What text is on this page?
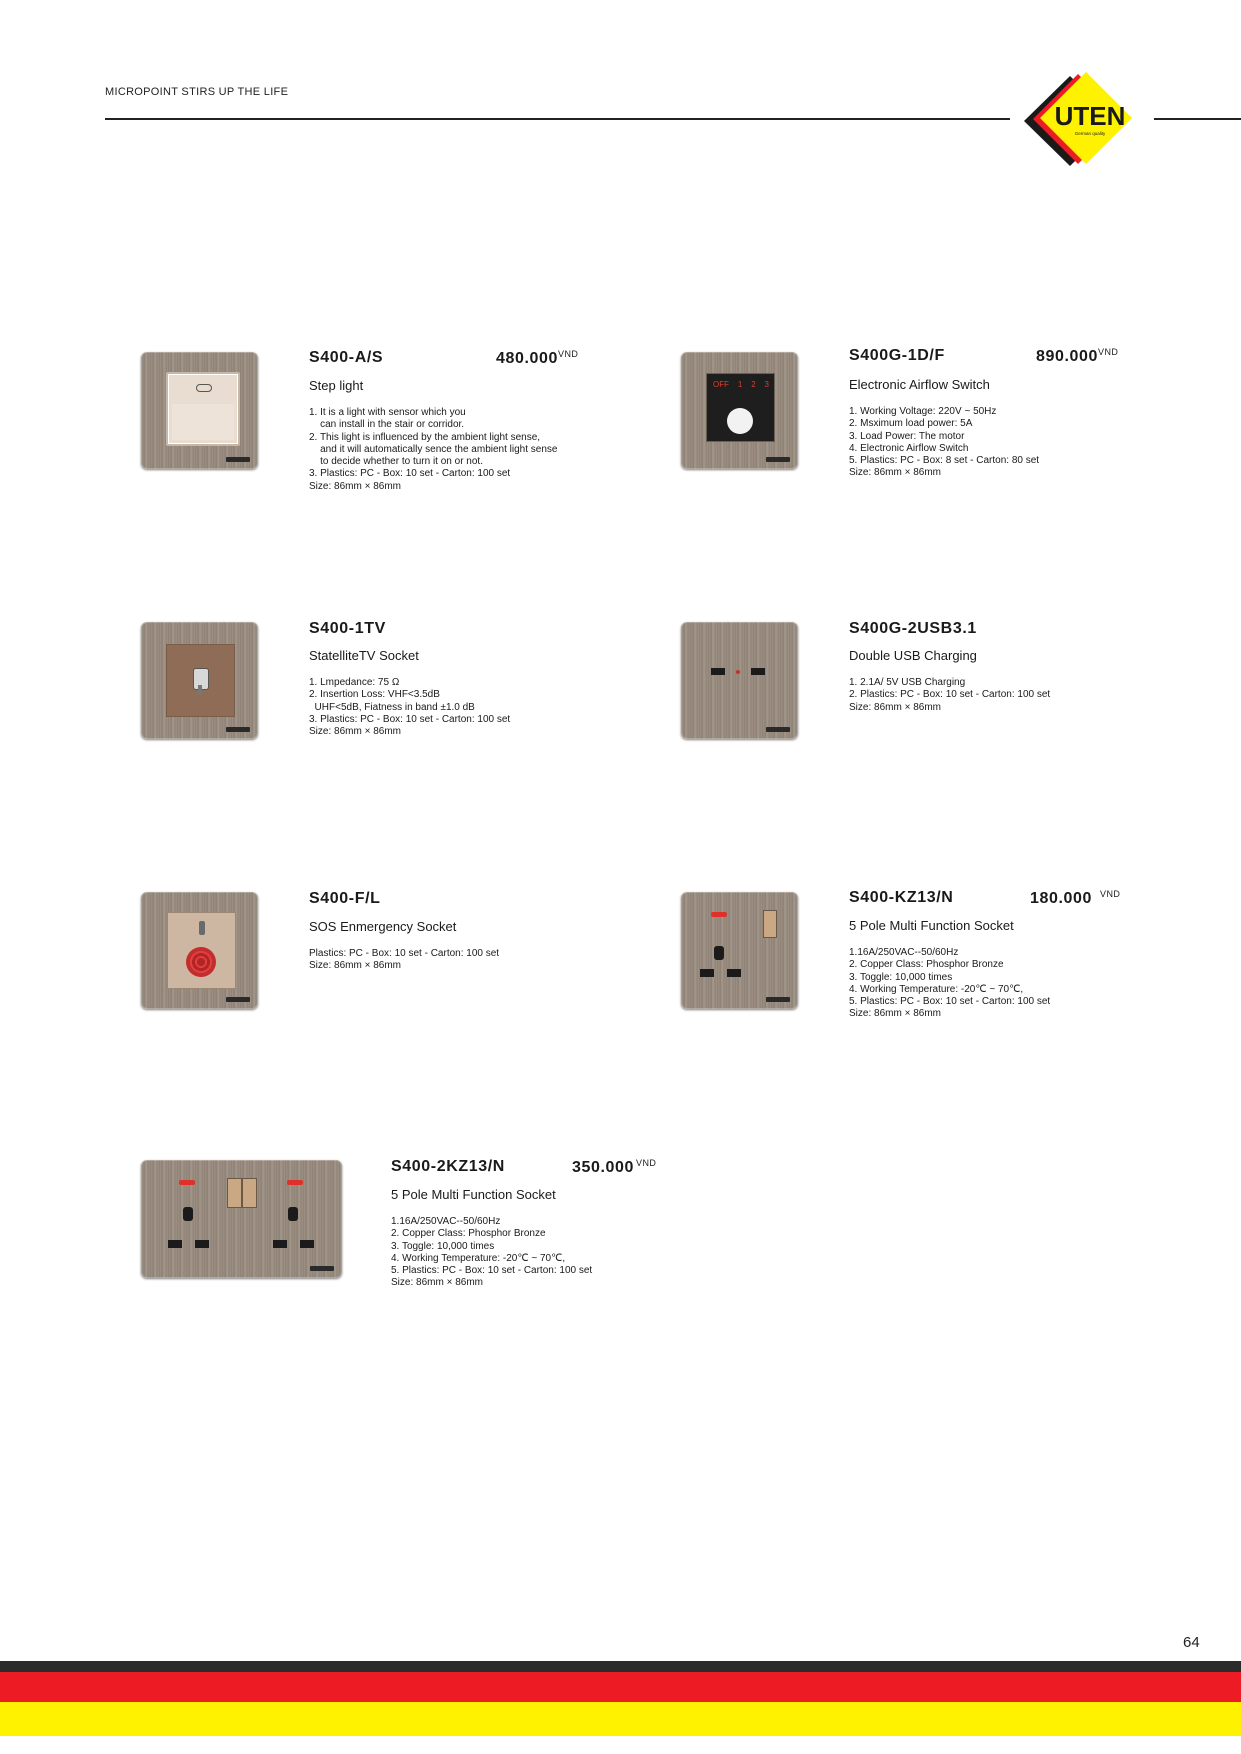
MICROPOINT STIRS UP THE LIFE
UTEN
German quality
S400-A/S	$480.000^{VND}$
Step light
1. It is a light with sensor which you
can install in the stair or corridor.
2. This light is influenced by the ambient light sense,
and it will automatically sence the ambient light sense
to decide whether to turn it on or not.
3. Plastics: PC - Box: 10 set - Carton: 100 set
Size: 86mm × 86mm
OFF 1 2 3
S400G-1D/F	$890.000^{VND}$
Electronic Airflow Switch
1. Working Voltage: 220V ~ 50Hz
2. Msximum load power: 5A
3. Load Power: The motor
4. Electronic Airflow Switch
5. Plastics: PC - Box: 8 set - Carton: 80 set
Size: 86mm × 86mm
S400-1TV
StatelliteTV Socket
1. Lmpedance: 75 Ω
2. Insertion Loss: VHF<3.5dB
UHF<5dB, Fiatness in band ±1.0 dB
3. Plastics: PC - Box: 10 set - Carton: 100 set
Size: 86mm × 86mm
S400G-2USB3.1
Double USB Charging
1. 2.1A/ 5V USB Charging
2. Plastics: PC - Box: 10 set - Carton: 100 set
Size: 86mm × 86mm
S400-F/L
SOS Enmergency Socket
Plastics: PC - Box: 10 set - Carton: 100 set
Size: 86mm × 86mm
S400-KZ13/N	180.000 $^{VND}$
5 Pole Multi Function Socket
1.16A/250VAC--50/60Hz
2. Copper Class: Phosphor Bronze
3. Toggle: 10,000 times
4. Working Temperature: -20℃ ~ 70℃,
5. Plastics: PC - Box: 10 set - Carton: 100 set
Size: 86mm × 86mm
S400-2KZ13/N	350.000 $^{VND}$
5 Pole Multi Function Socket
1.16A/250VAC--50/60Hz
2. Copper Class: Phosphor Bronze
3. Toggle: 10,000 times
4. Working Temperature: -20℃ ~ 70℃,
5. Plastics: PC - Box: 10 set - Carton: 100 set
Size: 86mm × 86mm
64
